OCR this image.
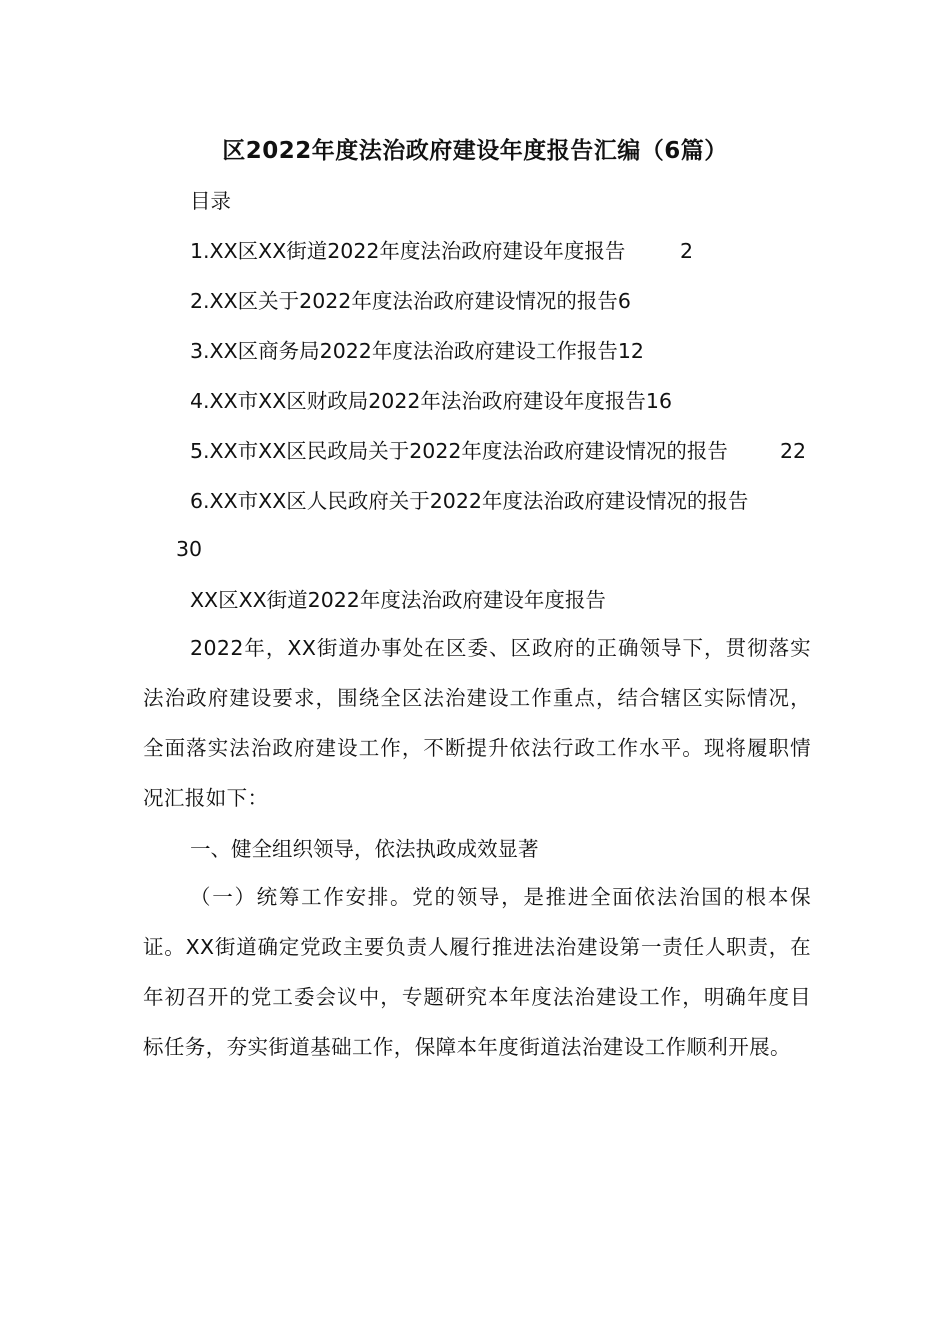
区2022年度法治政府建设年度报告汇编（6篇）
目录
1.XX区XX街道2022年度法治政府建设年度报告	2
2.XX区关于2022年度法治政府建设情况的报告6
3.XX区商务局2022年度法治政府建设工作报告12
4.XX市XX区财政局2022年法治政府建设年度报告16
5.XX市XX区民政局关于2022年度法治政府建设情况的报告	22
6.XX市XX区人民政府关于2022年度法治政府建设情况的报告
30
XX区XX街道2022年度法治政府建设年度报告

2022年，XX街道办事处在区委、区政府的正确领导下，贯彻落实法治政府建设要求，围绕全区法治建设工作重点，结合辖区实际情况，全面落实法治政府建设工作，不断提升依法行政工作水平。现将履职情况汇报如下：

一、健全组织领导，依法执政成效显著

（一）统筹工作安排。党的领导，是推进全面依法治国的根本保证。XX街道确定党政主要负责人履行推进法治建设第一责任人职责，在年初召开的党工委会议中，专题研究本年度法治建设工作，明确年度目标任务，夯实街道基础工作，保障本年度街道法治建设工作顺利开展。
